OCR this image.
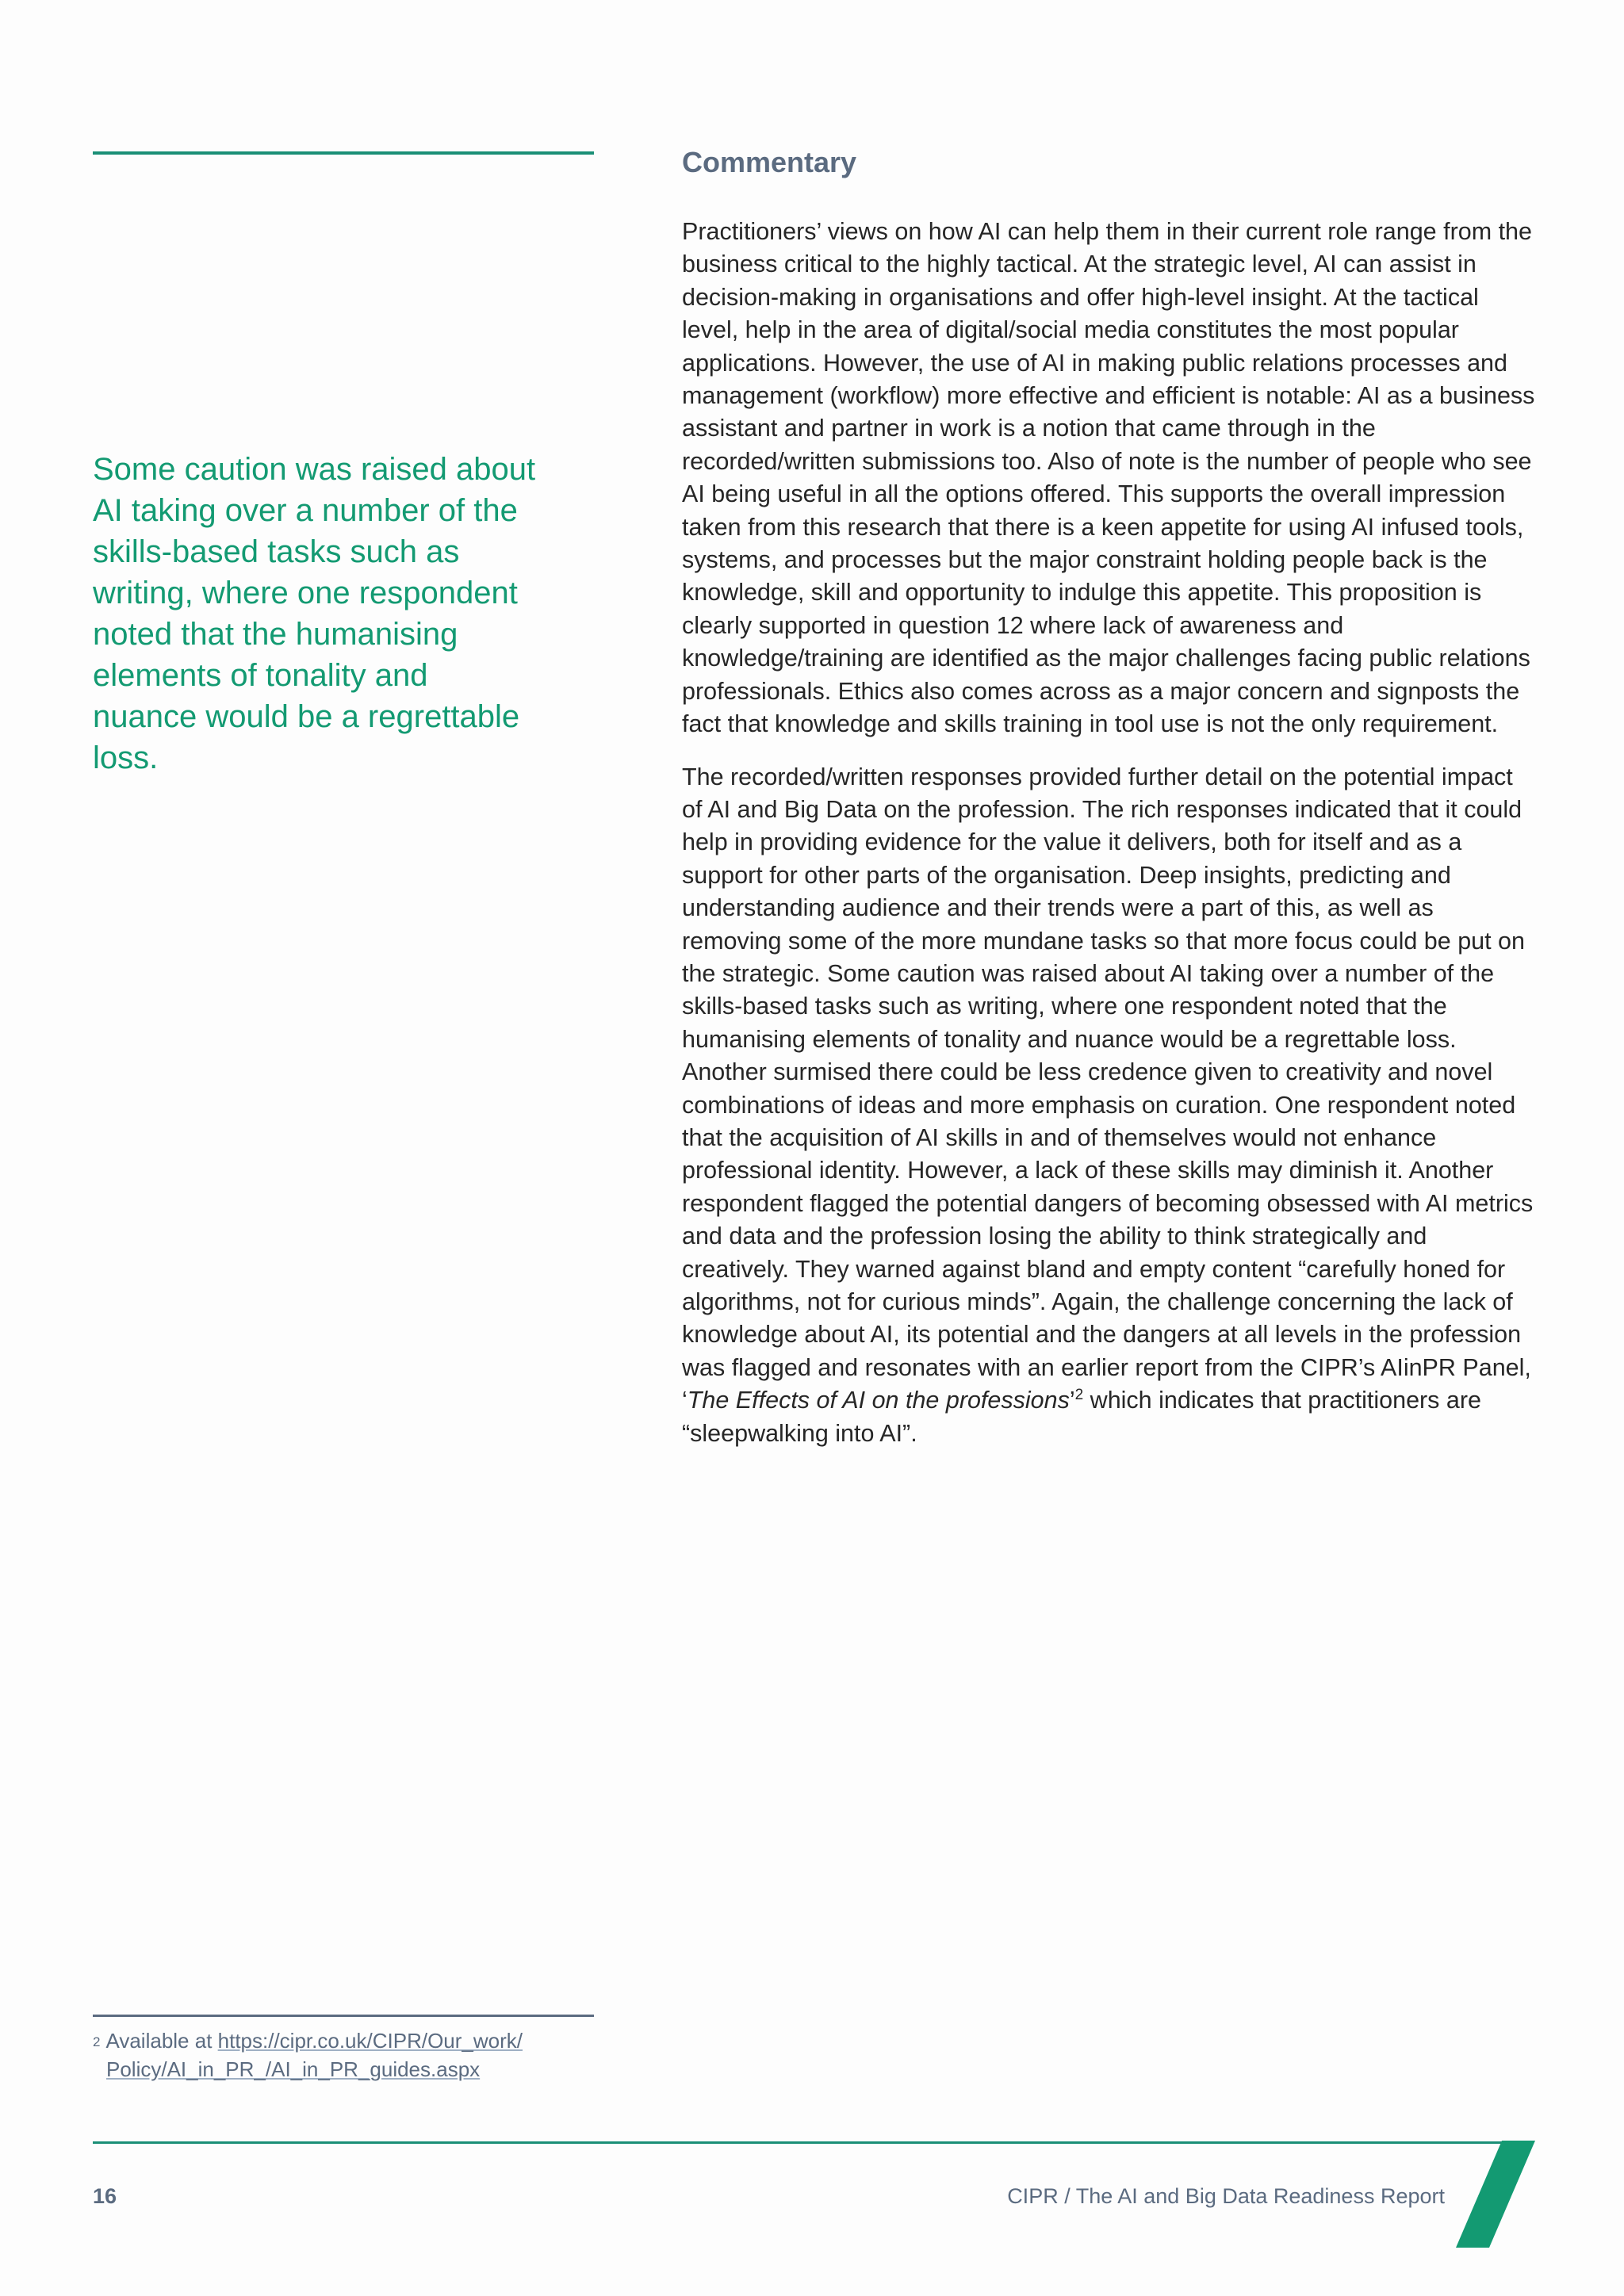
Some caution was raised about AI taking over a number of the skills-based tasks such as writing, where one respondent noted that the humanising elements of tonality and nuance would be a regrettable loss.

Commentary

Practitioners’ views on how AI can help them in their current role range from the business critical to the highly tactical. At the strategic level, AI can assist in decision-making in organisations and offer high-level insight. At the tactical level, help in the area of digital/social media constitutes the most popular applications. However, the use of AI in making public relations processes and management (workflow) more effective and efficient is notable: AI as a business assistant and partner in work is a notion that came through in the recorded/written submissions too. Also of note is the number of people who see AI being useful in all the options offered. This supports the overall impression taken from this research that there is a keen appetite for using AI infused tools, systems, and processes but the major constraint holding people back is the knowledge, skill and opportunity to indulge this appetite. This proposition is clearly supported in question 12 where lack of awareness and knowledge/training are identified as the major challenges facing public relations professionals. Ethics also comes across as a major concern and signposts the fact that knowledge and skills training in tool use is not the only requirement.

The recorded/written responses provided further detail on the potential impact of AI and Big Data on the profession. The rich responses indicated that it could help in providing evidence for the value it delivers, both for itself and as a support for other parts of the organisation. Deep insights, predicting and understanding audience and their trends were a part of this, as well as removing some of the more mundane tasks so that more focus could be put on the strategic. Some caution was raised about AI taking over a number of the skills-based tasks such as writing, where one respondent noted that the humanising elements of tonality and nuance would be a regrettable loss. Another surmised there could be less credence given to creativity and novel combinations of ideas and more emphasis on curation. One respondent noted that the acquisition of AI skills in and of themselves would not enhance professional identity. However, a lack of these skills may diminish it. Another respondent flagged the potential dangers of becoming obsessed with AI metrics and data and the profession losing the ability to think strategically and creatively. They warned against bland and empty content “carefully honed for algorithms, not for curious minds”. Again, the challenge concerning the lack of knowledge about AI, its potential and the dangers at all levels in the profession was flagged and resonates with an earlier report from the CIPR’s AIinPR Panel, ‘The Effects of AI on the professions’$^2$ which indicates that practitioners are “sleepwalking into AI”.

$^2$ Available at https://cipr.co.uk/CIPR/Our_work/
Policy/AI_in_PR_/AI_in_PR_guides.aspx
16	CIPR / The AI and Big Data Readiness Report
